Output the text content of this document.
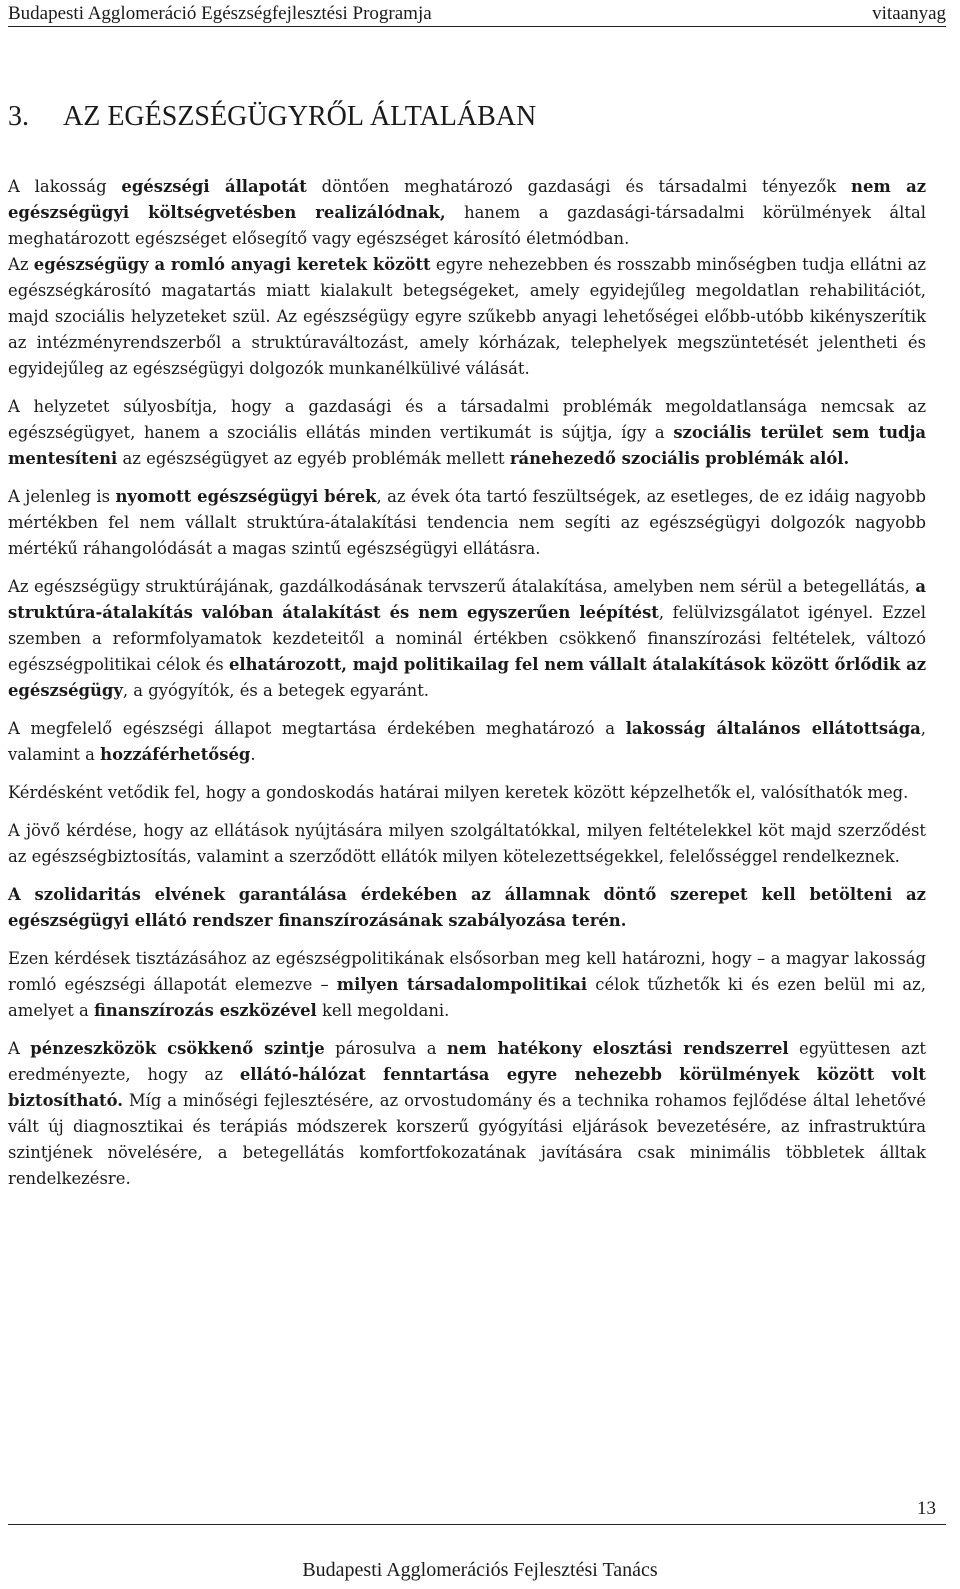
Budapesti Agglomeráció Egészségfejlesztési Programja	vitaanyag
3. AZ EGÉSZSÉGÜGYRŐL ÁLTALÁBAN

A lakosság egészségi állapotát döntően meghatározó gazdasági és társadalmi tényezők nem az egészségügyi költségvetésben realizálódnak, hanem a gazdasági-társadalmi körülmények által meghatározott egészséget elősegítő vagy egészséget károsító életmódban.

Az egészségügy a romló anyagi keretek között egyre nehezebben és rosszabb minőségben tudja ellátni az egészségkárosító magatartás miatt kialakult betegségeket, amely egyidejűleg megoldatlan rehabilitációt, majd szociális helyzeteket szül. Az egészségügy egyre szűkebb anyagi lehetőségei előbb-utóbb kikényszerítik az intézményrendszerből a struktúraváltozást, amely kórházak, telephelyek megszüntetését jelentheti és egyidejűleg az egészségügyi dolgozók munkanélkülivé válását.

A helyzetet súlyosbítja, hogy a gazdasági és a társadalmi problémák megoldatlansága nemcsak az egészségügyet, hanem a szociális ellátás minden vertikumát is sújtja, így a szociális terület sem tudja mentesíteni az egészségügyet az egyéb problémák mellett ránehezedő szociális problémák alól.

A jelenleg is nyomott egészségügyi bérek, az évek óta tartó feszültségek, az esetleges, de ez idáig nagyobb mértékben fel nem vállalt struktúra-átalakítási tendencia nem segíti az egészségügyi dolgozók nagyobb mértékű ráhangolódását a magas szintű egészségügyi ellátásra.

Az egészségügy struktúrájának, gazdálkodásának tervszerű átalakítása, amelyben nem sérül a betegellátás, a struktúra-átalakítás valóban átalakítást és nem egyszerűen leépítést, felülvizsgálatot igényel. Ezzel szemben a reformfolyamatok kezdeteitől a nominál értékben csökkenő finanszírozási feltételek, változó egészségpolitikai célok és elhatározott, majd politikailag fel nem vállalt átalakítások között őrlődik az egészségügy, a gyógyítók, és a betegek egyaránt.

A megfelelő egészségi állapot megtartása érdekében meghatározó a lakosság általános ellátottsága, valamint a hozzáférhetőség.

Kérdésként vetődik fel, hogy a gondoskodás határai milyen keretek között képzelhetők el, valósíthatók meg.

A jövő kérdése, hogy az ellátások nyújtására milyen szolgáltatókkal, milyen feltételekkel köt majd szerződést az egészségbiztosítás, valamint a szerződött ellátók milyen kötelezettségekkel, felelősséggel rendelkeznek.

A szolidaritás elvének garantálása érdekében az államnak döntő szerepet kell betölteni az egészségügyi ellátó rendszer finanszírozásának szabályozása terén.

Ezen kérdések tisztázásához az egészségpolitikának elsősorban meg kell határozni, hogy – a magyar lakosság romló egészségi állapotát elemezve – milyen társadalompolitikai célok tűzhetők ki és ezen belül mi az, amelyet a finanszírozás eszközével kell megoldani.

A pénzeszközök csökkenő szintje párosulva a nem hatékony elosztási rendszerrel együttesen azt eredményezte, hogy az ellátó-hálózat fenntartása egyre nehezebb körülmények között volt biztosítható. Míg a minőségi fejlesztésére, az orvostudomány és a technika rohamos fejlődése által lehetővé vált új diagnosztikai és terápiás módszerek korszerű gyógyítási eljárások bevezetésére, az infrastruktúra szintjének növelésére, a betegellátás komfortfokozatának javítására csak minimális többletek álltak rendelkezésre.

13
Budapesti Agglomerációs Fejlesztési Tanács
